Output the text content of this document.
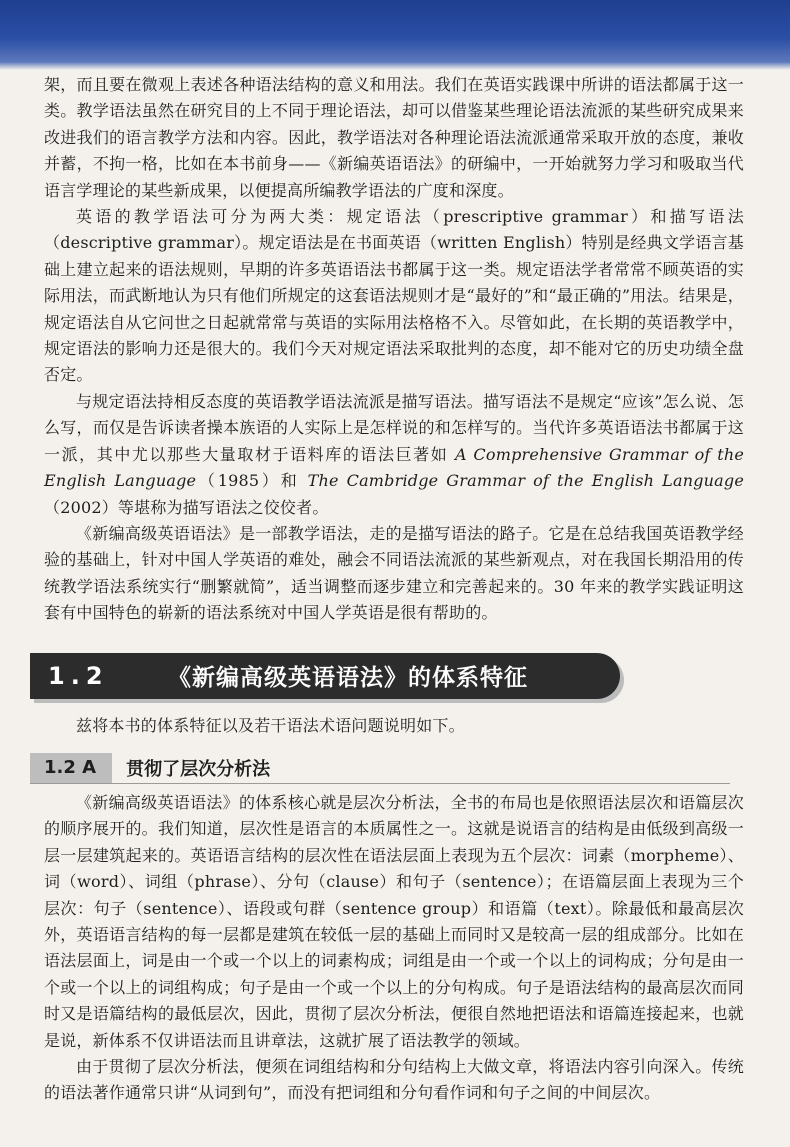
架，而且要在微观上表述各种语法结构的意义和用法。我们在英语实践课中所讲的语法都属于这一类。教学语法虽然在研究目的上不同于理论语法，却可以借鉴某些理论语法流派的某些研究成果来改进我们的语言教学方法和内容。因此，教学语法对各种理论语法流派通常采取开放的态度，兼收并蓄，不拘一格，比如在本书前身——《新编英语语法》的研编中，一开始就努力学习和吸取当代语言学理论的某些新成果，以便提高所编教学语法的广度和深度。

英语的教学语法可分为两大类：规定语法（prescriptive grammar）和描写语法（descriptive grammar）。规定语法是在书面英语（written English）特别是经典文学语言基础上建立起来的语法规则，早期的许多英语语法书都属于这一类。规定语法学者常常不顾英语的实际用法，而武断地认为只有他们所规定的这套语法规则才是“最好的”和“最正确的”用法。结果是，规定语法自从它问世之日起就常常与英语的实际用法格格不入。尽管如此，在长期的英语教学中，规定语法的影响力还是很大的。我们今天对规定语法采取批判的态度，却不能对它的历史功绩全盘否定。

与规定语法持相反态度的英语教学语法流派是描写语法。描写语法不是规定“应该”怎么说、怎么写，而仅是告诉读者操本族语的人实际上是怎样说的和怎样写的。当代许多英语语法书都属于这一派，其中尤以那些大量取材于语料库的语法巨著如 A Comprehensive Grammar of the English Language（1985）和 The Cambridge Grammar of the English Language（2002）等堪称为描写语法之佼佼者。

《新编高级英语语法》是一部教学语法，走的是描写语法的路子。它是在总结我国英语教学经验的基础上，针对中国人学英语的难处，融会不同语法流派的某些新观点，对在我国长期沿用的传统教学语法系统实行“删繁就简”，适当调整而逐步建立和完善起来的。30 年来的教学实践证明这套有中国特色的崭新的语法系统对中国人学英语是很有帮助的。

1.2	《新编高级英语语法》的体系特征

兹将本书的体系特征以及若干语法术语问题说明如下。

1.2 A	贯彻了层次分析法

《新编高级英语语法》的体系核心就是层次分析法，全书的布局也是依照语法层次和语篇层次的顺序展开的。我们知道，层次性是语言的本质属性之一。这就是说语言的结构是由低级到高级一层一层建筑起来的。英语语言结构的层次性在语法层面上表现为五个层次：词素（morpheme）、词（word）、词组（phrase）、分句（clause）和句子（sentence）；在语篇层面上表现为三个层次：句子（sentence）、语段或句群（sentence group）和语篇（text）。除最低和最高层次外，英语语言结构的每一层都是建筑在较低一层的基础上而同时又是较高一层的组成部分。比如在语法层面上，词是由一个或一个以上的词素构成；词组是由一个或一个以上的词构成；分句是由一个或一个以上的词组构成；句子是由一个或一个以上的分句构成。句子是语法结构的最高层次而同时又是语篇结构的最低层次，因此，贯彻了层次分析法，便很自然地把语法和语篇连接起来，也就是说，新体系不仅讲语法而且讲章法，这就扩展了语法教学的领域。

由于贯彻了层次分析法，便须在词组结构和分句结构上大做文章，将语法内容引向深入。传统的语法著作通常只讲“从词到句”，而没有把词组和分句看作词和句子之间的中间层次。
